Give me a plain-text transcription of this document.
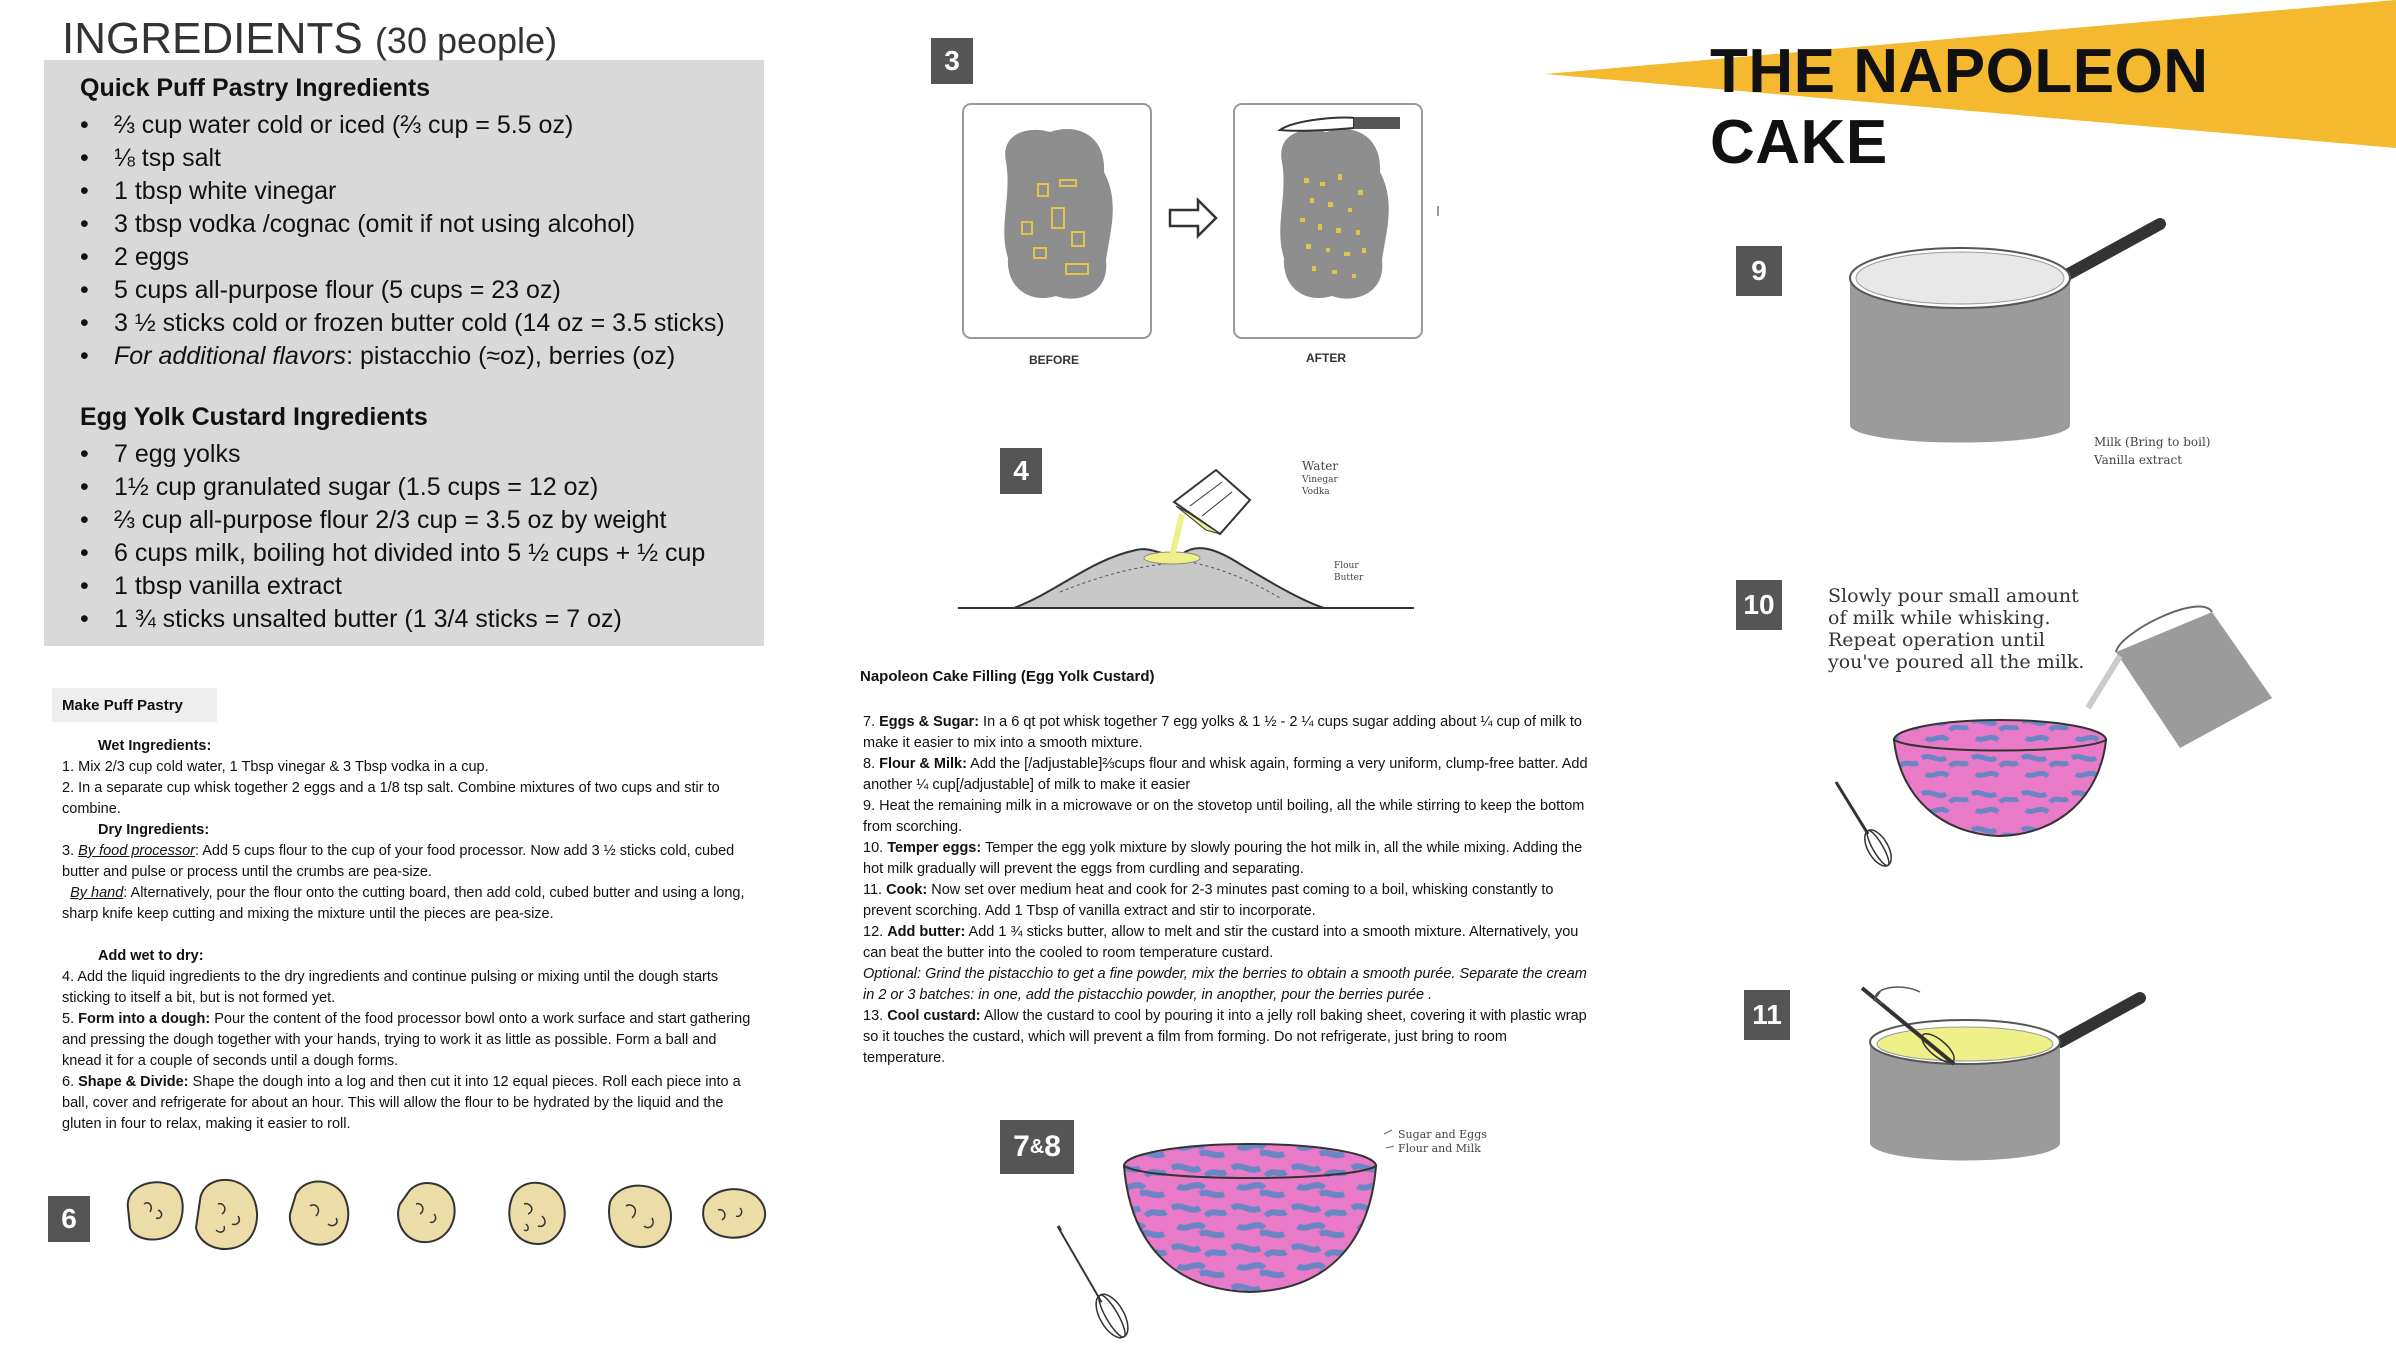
Quick Puff Pastry Ingredients
• ⅔ cup water cold or iced (⅔ cup = 5.5 oz)
• ⅛ tsp salt
• 1 tbsp white vinegar
• 3 tbsp vodka /cognac (omit if not using alcohol)
• 2 eggs
• 5 cups all-purpose flour (5 cups = 23 oz)
• 3 ½ sticks cold or frozen butter cold (14 oz = 3.5 sticks)
• For additional flavors: pistacchio (≈oz), berries (oz)
Egg Yolk Custard Ingredients
• 7 egg yolks
• 1½ cup granulated sugar (1.5 cups = 12 oz)
• ⅔ cup all-purpose flour 2/3 cup = 3.5 oz by weight
• 6 cups milk, boiling hot divided into 5 ½ cups + ½ cup
• 1 tbsp vanilla extract
• 1 ¾ sticks unsalted butter (1 3/4 sticks = 7 oz)
INGREDIENTS (30 people)	THE NAPOLEON CAKE
Make Puff Pastry

Wet Ingredients:

1. Mix 2/3 cup cold water, 1 Tbsp vinegar & 3 Tbsp vodka in a cup.

2. In a separate cup whisk together 2 eggs and a 1/8 tsp salt. Combine mixtures of two cups and stir to combine.

Dry Ingredients:

3. By food processor: Add 5 cups flour to the cup of your food processor. Now add 3 ½ sticks cold, cubed butter and pulse or process until the crumbs are pea-size.

By hand: Alternatively, pour the flour onto the cutting board, then add cold, cubed butter and using a long, sharp knife keep cutting and mixing the mixture until the pieces are pea-size.

Add wet to dry:

4. Add the liquid ingredients to the dry ingredients and continue pulsing or mixing until the dough starts sticking to itself a bit, but is not formed yet.

5. Form into a dough: Pour the content of the food processor bowl onto a work surface and start gathering and pressing the dough together with your hands, trying to work it as little as possible. Form a ball and knead it for a couple of seconds until a dough forms.

6. Shape & Divide: Shape the dough into a log and then cut it into 12 equal pieces. Roll each piece into a ball, cover and refrigerate for about an hour. This will allow the flour to be hydrated by the liquid and the gluten in four to relax, making it easier to roll.

6
3
BEFORE	AFTER
4	Water
Vinegar
Vodka
Flour
Butter
Napoleon Cake Filling (Egg Yolk Custard)

7. Eggs & Sugar: In a 6 qt pot whisk together 7 egg yolks & 1 ½ - 2 ¼ cups sugar adding about ¼ cup of milk to make it easier to mix into a smooth mixture.

8. Flour & Milk: Add the [/adjustable]⅔cups flour and whisk again, forming a very uniform, clump-free batter. Add another ¼ cup[/adjustable] of milk to make it easier

9. Heat the remaining milk in a microwave or on the stovetop until boiling, all the while stirring to keep the bottom from scorching.

10. Temper eggs: Temper the egg yolk mixture by slowly pouring the hot milk in, all the while mixing. Adding the hot milk gradually will prevent the eggs from curdling and separating.

11. Cook: Now set over medium heat and cook for 2-3 minutes past coming to a boil, whisking constantly to prevent scorching. Add 1 Tbsp of vanilla extract and stir to incorporate.

12. Add butter: Add 1 ¾ sticks butter, allow to melt and stir the custard into a smooth mixture. Alternatively, you can beat the butter into the cooled to room temperature custard.

Optional: Grind the pistacchio to get a fine powder, mix the berries to obtain a smooth purée. Separate the cream in 2 or 3 batches: in one, add the pistacchio powder, in anopther, pour the berries purée .

13. Cool custard: Allow the custard to cool by pouring it into a jelly roll baking sheet, covering it with plastic wrap so it touches the custard, which will prevent a film from forming. Do not refrigerate, just bring to room temperature.

7 & 8	Sugar and Eggs
Flour and Milk
9
Milk (Bring to boil)
Vanilla extract
10	Slowly pour small amount
of milk while whisking.
Repeat operation until
you've poured all the milk.
11
